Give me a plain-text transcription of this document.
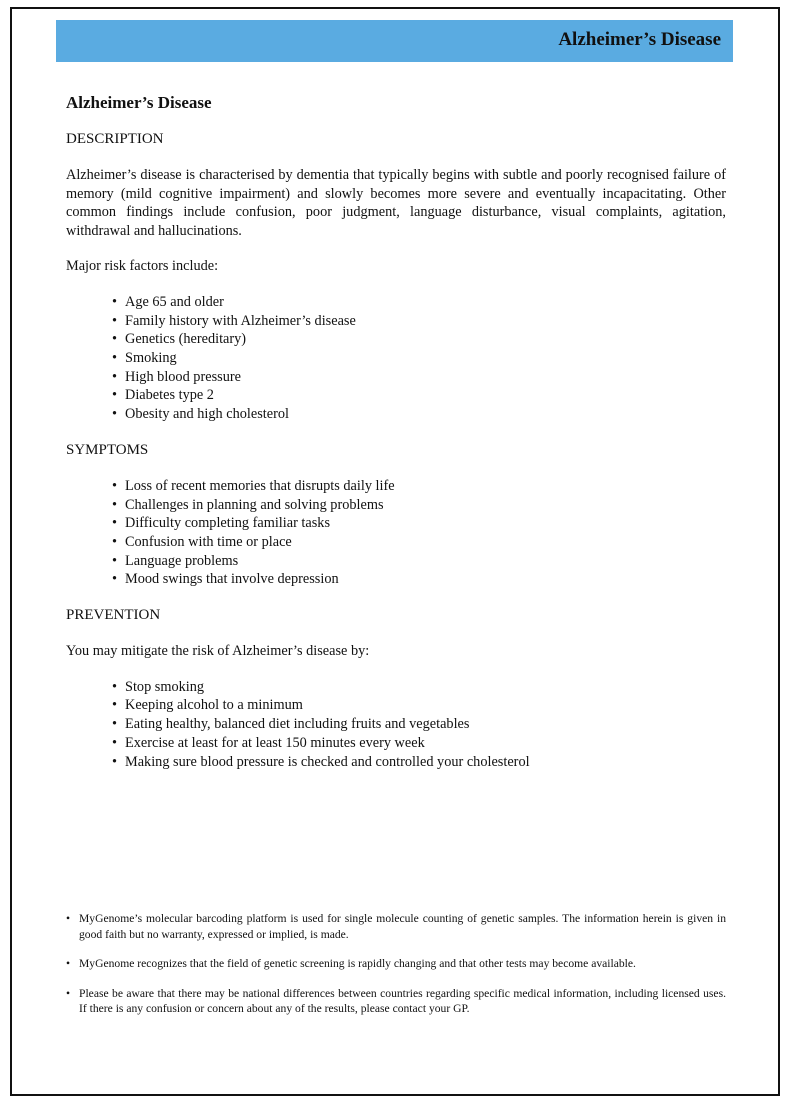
Alzheimer’s Disease
Alzheimer’s Disease
DESCRIPTION

Alzheimer’s disease is characterised by dementia that typically begins with subtle and poorly recognised failure of memory (mild cognitive impairment) and slowly becomes more severe and eventually incapacitating. Other common findings include confusion, poor judgment, language disturbance, visual complaints, agitation, withdrawal and hallucinations.

Major risk factors include:

• Age 65 and older
• Family history with Alzheimer’s disease
• Genetics (hereditary)
• Smoking
• High blood pressure
• Diabetes type 2
• Obesity and high cholesterol
SYMPTOMS
• Loss of recent memories that disrupts daily life
• Challenges in planning and solving problems
• Difficulty completing familiar tasks
• Confusion with time or place
• Language problems
• Mood swings that involve depression
PREVENTION

You may mitigate the risk of Alzheimer’s disease by:

• Stop smoking
• Keeping alcohol to a minimum
• Eating healthy, balanced diet including fruits and vegetables
• Exercise at least for at least 150 minutes every week
• Making sure blood pressure is checked and controlled your cholesterol
• MyGenome’s molecular barcoding platform is used for single molecule counting of genetic samples. The information herein is given in good faith but no warranty, expressed or implied, is made.
• MyGenome recognizes that the field of genetic screening is rapidly changing and that other tests may become available.
• Please be aware that there may be national differences between countries regarding specific medical information, including licensed uses. If there is any confusion or concern about any of the results, please contact your GP.
